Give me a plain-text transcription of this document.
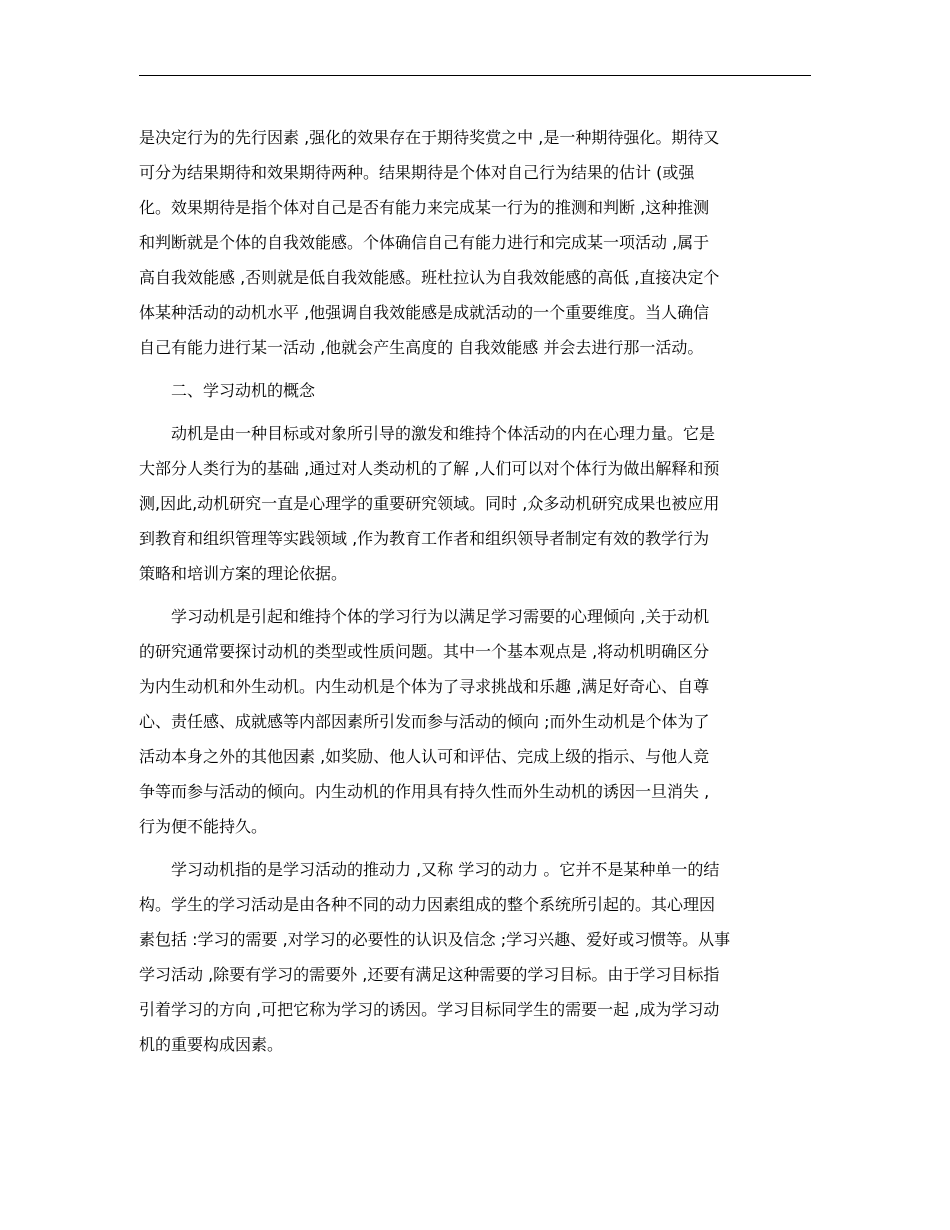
是决定行为的先行因素 ,强化的效果存在于期待奖赏之中 ,是一种期待强化。期待又
可分为结果期待和效果期待两种。结果期待是个体对自己行为结果的估计 (或强
化。效果期待是指个体对自己是否有能力来完成某一行为的推测和判断 ,这种推测
和判断就是个体的自我效能感。个体确信自己有能力进行和完成某一项活动 ,属于
高自我效能感 ,否则就是低自我效能感。班杜拉认为自我效能感的高低 ,直接决定个
体某种活动的动机水平 ,他强调自我效能感是成就活动的一个重要维度。当人确信
自己有能力进行某一活动 ,他就会产生高度的 自我效能感 并会去进行那一活动。
　　二、学习动机的概念
　　动机是由一种目标或对象所引导的激发和维持个体活动的内在心理力量。它是
大部分人类行为的基础 ,通过对人类动机的了解 ,人们可以对个体行为做出解释和预
测,因此,动机研究一直是心理学的重要研究领域。同时 ,众多动机研究成果也被应用
到教育和组织管理等实践领域 ,作为教育工作者和组织领导者制定有效的教学行为
策略和培训方案的理论依据。
　　学习动机是引起和维持个体的学习行为以满足学习需要的心理倾向 ,关于动机
的研究通常要探讨动机的类型或性质问题。其中一个基本观点是 ,将动机明确区分
为内生动机和外生动机。内生动机是个体为了寻求挑战和乐趣 ,满足好奇心、自尊
心、责任感、成就感等内部因素所引发而参与活动的倾向 ;而外生动机是个体为了
活动本身之外的其他因素 ,如奖励、他人认可和评估、完成上级的指示、与他人竞
争等而参与活动的倾向。内生动机的作用具有持久性而外生动机的诱因一旦消失 ,
行为便不能持久。
　　学习动机指的是学习活动的推动力 ,又称 学习的动力 。它并不是某种单一的结
构。学生的学习活动是由各种不同的动力因素组成的整个系统所引起的。其心理因
素包括 :学习的需要 ,对学习的必要性的认识及信念 ;学习兴趣、爱好或习惯等。从事
学习活动 ,除要有学习的需要外 ,还要有满足这种需要的学习目标。由于学习目标指
引着学习的方向 ,可把它称为学习的诱因。学习目标同学生的需要一起 ,成为学习动
机的重要构成因素。
